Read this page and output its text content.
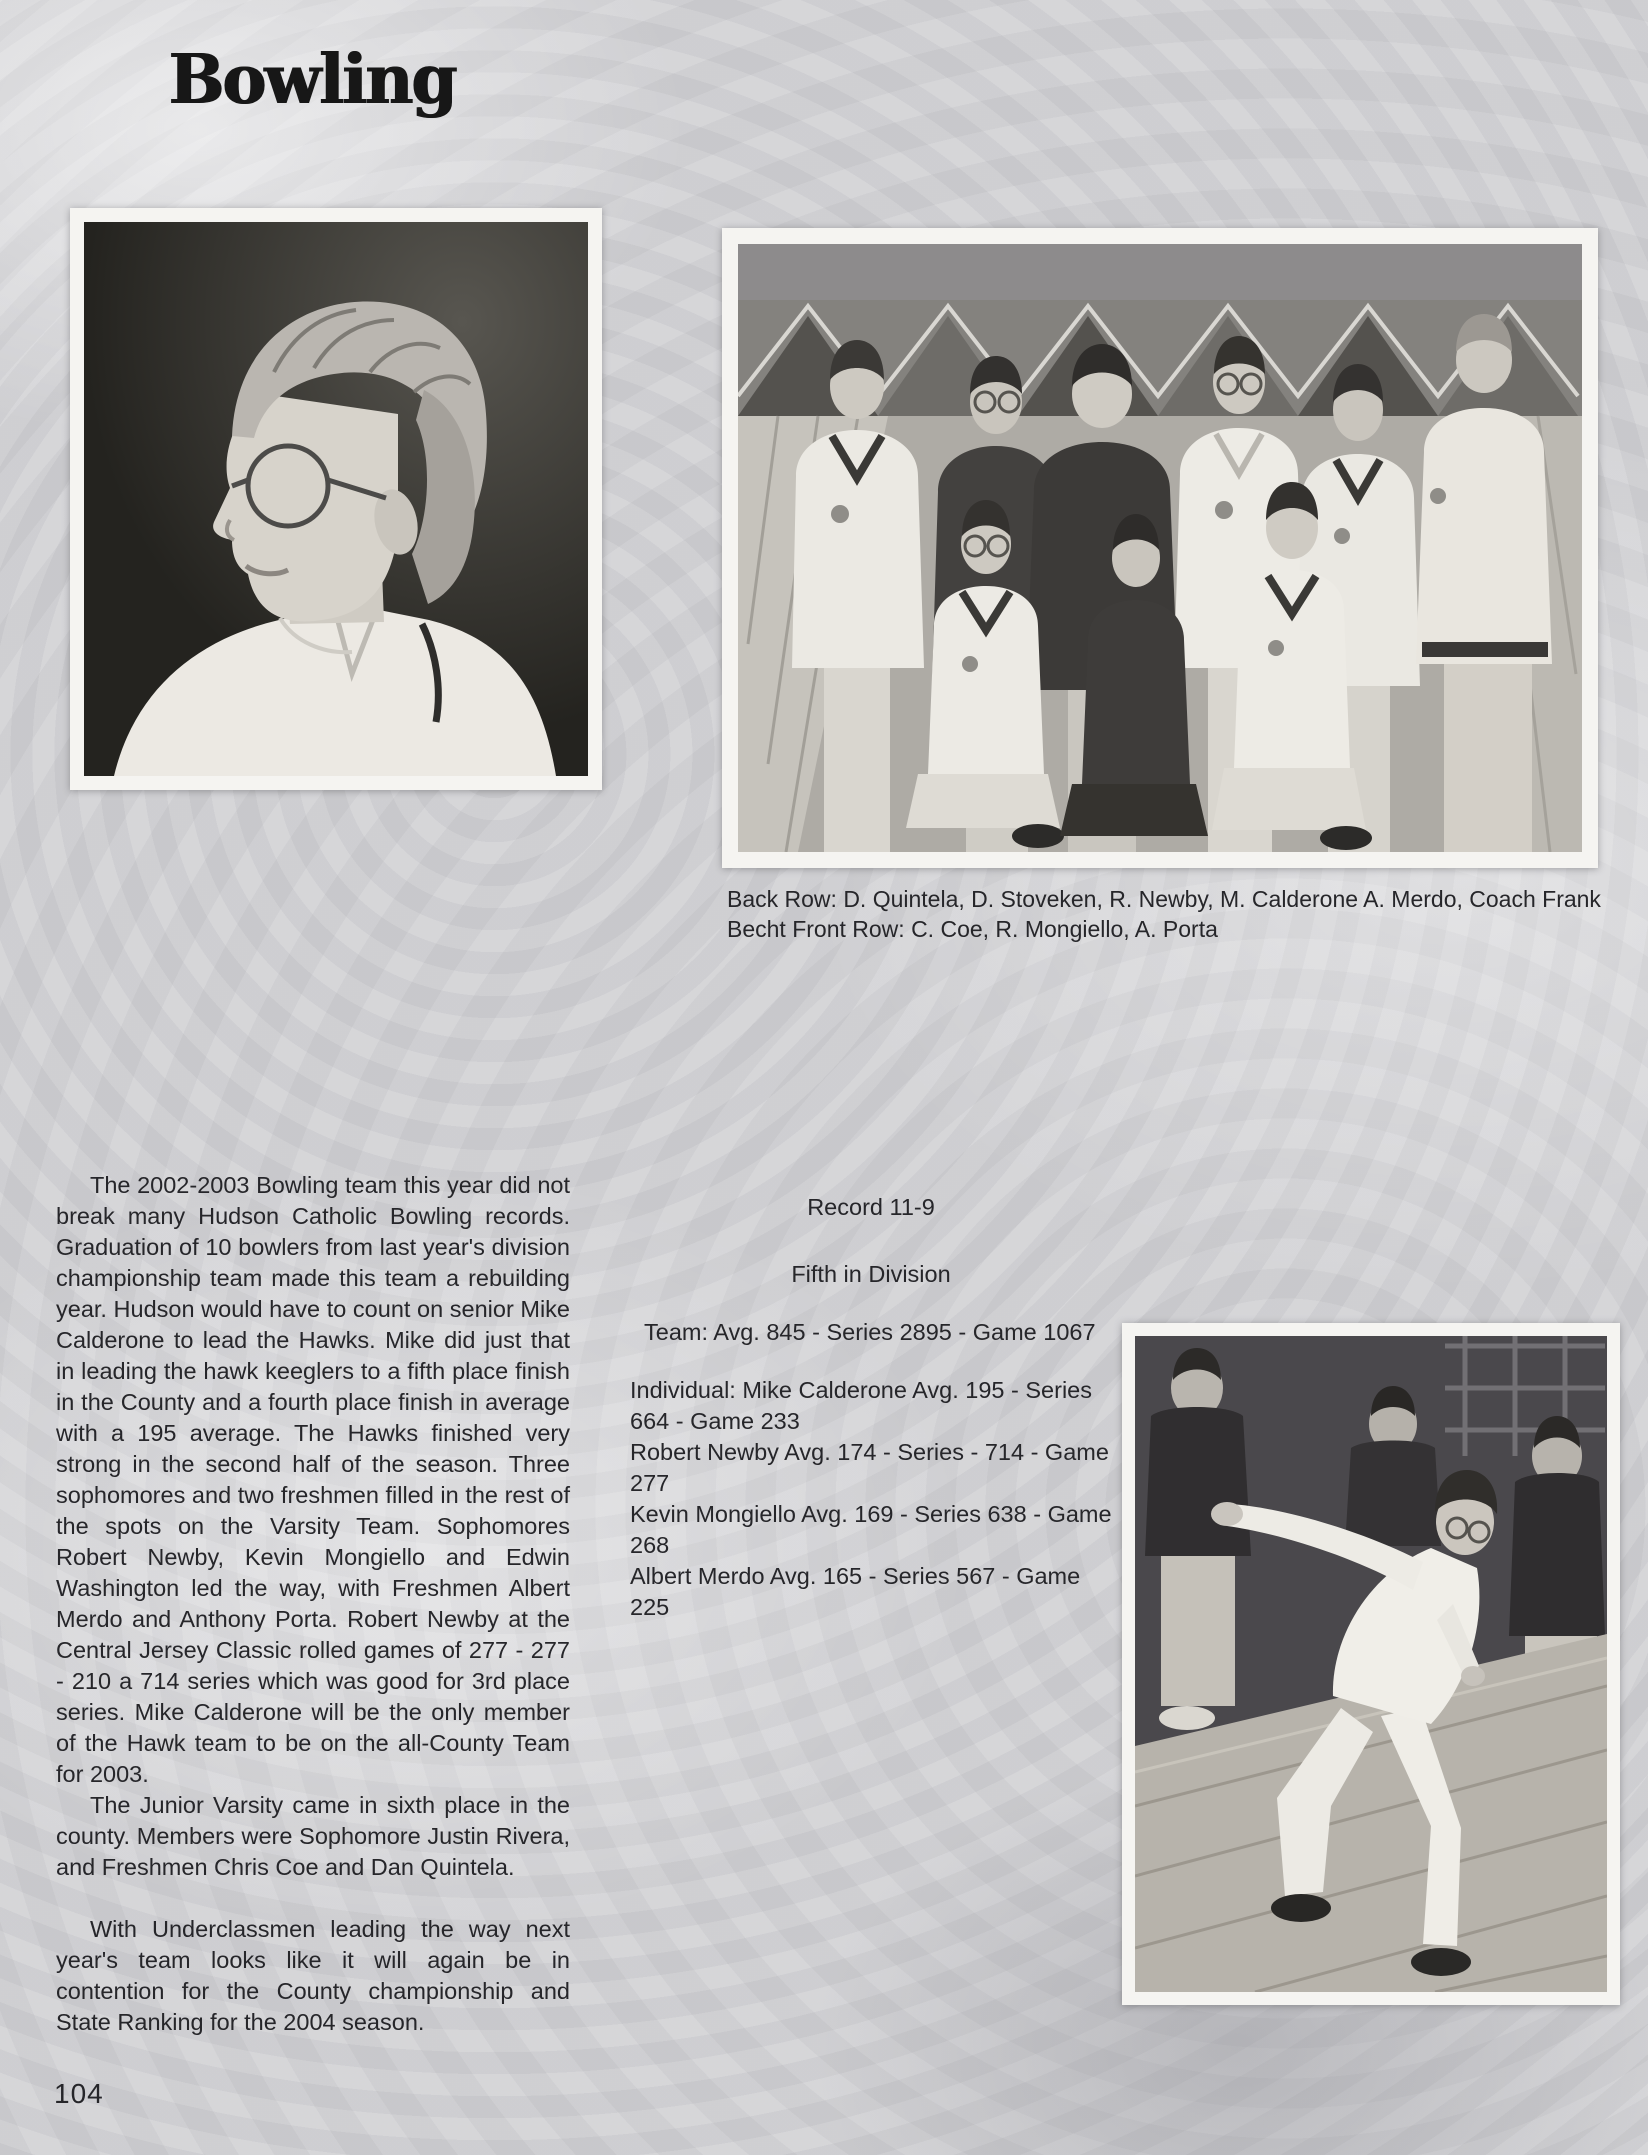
Bowling
Back Row: D. Quintela, D. Stoveken, R. Newby, M. Calderone A. Merdo, Coach Frank Becht Front Row: C. Coe, R. Mongiello, A. Porta
The 2002-2003 Bowling team this year did not break many Hudson Catholic Bowling records. Graduation of 10 bowlers from last year's division championship team made this team a rebuilding year. Hudson would have to count on senior Mike Calderone to lead the Hawks. Mike did just that in leading the hawk keeglers to a fifth place finish in the County and a fourth place finish in average with a 195 average. The Hawks finished very strong in the second half of the season. Three sophomores and two freshmen filled in the rest of the spots on the Varsity Team. Sophomores Robert Newby, Kevin Mongiello and Edwin Washington led the way, with Freshmen Albert Merdo and Anthony Porta. Robert Newby at the Central Jersey Classic rolled games of 277 - 277 - 210 a 714 series which was good for 3rd place series. Mike Calderone will be the only member of the Hawk team to be on the all-County Team for 2003.
The Junior Varsity came in sixth place in the county. Members were Sophomore Justin Rivera, and Freshmen Chris Coe and Dan Quintela.
With Underclassmen leading the way next year's team looks like it will again be in contention for the County championship and State Ranking for the 2004 season.
Record 11-9
Fifth in Division
Team: Avg. 845 - Series 2895 - Game 1067
Individual: Mike Calderone Avg. 195 - Series 664 - Game 233
Robert Newby Avg. 174 - Series - 714 - Game 277
Kevin Mongiello Avg. 169 - Series 638 - Game 268
Albert Merdo Avg. 165 - Series 567 - Game 225
104
